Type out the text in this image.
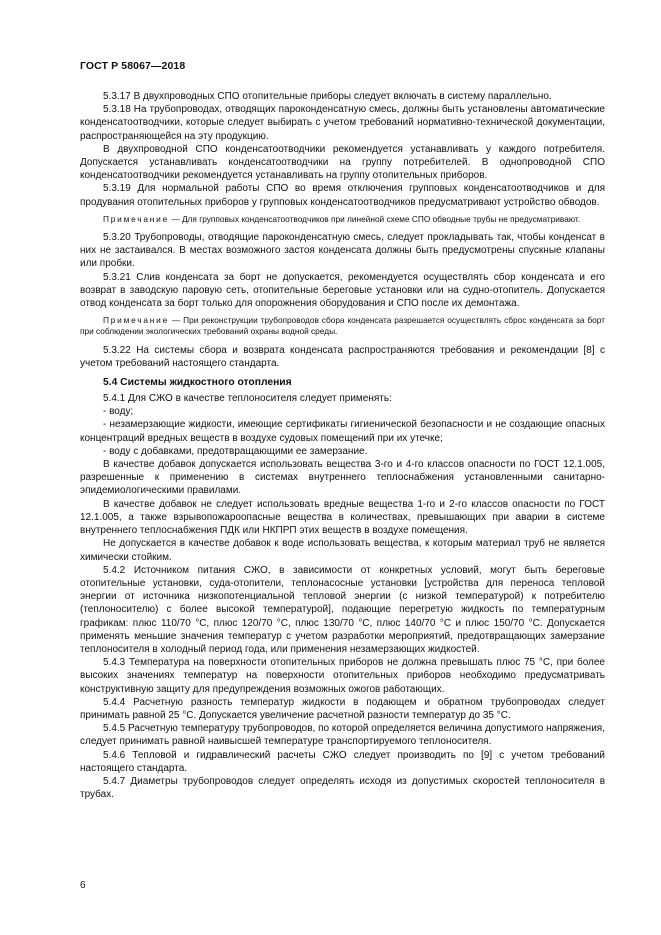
ГОСТ Р 58067—2018

5.3.17 В двухпроводных СПО отопительные приборы следует включать в систему параллельно.

5.3.18 На трубопроводах, отводящих пароконденсатную смесь, должны быть установлены автоматические конденсатоотводчики, которые следует выбирать с учетом требований нормативно-технической документации, распространяющейся на эту продукцию.

В двухпроводной СПО конденсатоотводчики рекомендуется устанавливать у каждого потребителя. Допускается устанавливать конденсатоотводчики на группу потребителей. В однопроводной СПО конденсатоотводчики рекомендуется устанавливать на группу отопительных приборов.

5.3.19 Для нормальной работы СПО во время отключения групповых конденсатоотводчиков и для продувания отопительных приборов у групповых конденсатоотводчиков предусматривают устройство обводов.

Примечание — Для групповых конденсатоотводчиков при линейной схеме СПО обводные трубы не предусматривают.

5.3.20 Трубопроводы, отводящие пароконденсатную смесь, следует прокладывать так, чтобы конденсат в них не застаивался. В местах возможного застоя конденсата должны быть предусмотрены спускные клапаны или пробки.

5.3.21 Слив конденсата за борт не допускается, рекомендуется осуществлять сбор конденсата и его возврат в заводскую паровую сеть, отопительные береговые установки или на судно-отопитель. Допускается отвод конденсата за борт только для опорожнения оборудования и СПО после их демонтажа.

Примечание — При реконструкции трубопроводов сбора конденсата разрешается осуществлять сброс конденсата за борт при соблюдении экологических требований охраны водной среды.

5.3.22 На системы сбора и возврата конденсата распространяются требования и рекомендации [8] с учетом требований настоящего стандарта.

5.4 Системы жидкостного отопления

5.4.1 Для СЖО в качестве теплоносителя следует применять:

- воду;

- незамерзающие жидкости, имеющие сертификаты гигиенической безопасности и не создающие опасных концентраций вредных веществ в воздухе судовых помещений при их утечке;

- воду с добавками, предотвращающими ее замерзание.

В качестве добавок допускается использовать вещества 3-го и 4-го классов опасности по ГОСТ 12.1.005, разрешенные к применению в системах внутреннего теплоснабжения установленными санитарно-эпидемиологическими правилами.

В качестве добавок не следует использовать вредные вещества 1-го и 2-го классов опасности по ГОСТ 12.1.005, а также взрывопожароопасные вещества в количествах, превышающих при аварии в системе внутреннего теплоснабжения ПДК или НКПРП этих веществ в воздухе помещения.

Не допускается в качестве добавок к воде использовать вещества, к которым материал труб не является химически стойким.

5.4.2 Источником питания СЖО, в зависимости от конкретных условий, могут быть береговые отопительные установки, суда-отопители, теплонасосные установки [устройства для переноса тепловой энергии от источника низкопотенциальной тепловой энергии (с низкой температурой) к потребителю (теплоносителю) с более высокой температурой], подающие перегретую жидкость по температурным графикам: плюс 110/70 °С, плюс 120/70 °С, плюс 130/70 °С, плюс 140/70 °С и плюс 150/70 °С. Допускается применять меньшие значения температур с учетом разработки мероприятий, предотвращающих замерзание теплоносителя в холодный период года, или применения незамерзающих жидкостей.

5.4.3 Температура на поверхности отопительных приборов не должна превышать плюс 75 °С, при более высоких значениях температур на поверхности отопительных приборов необходимо предусматривать конструктивную защиту для предупреждения возможных ожогов работающих.

5.4.4 Расчетную разность температур жидкости в подающем и обратном трубопроводах следует принимать равной 25 °С. Допускается увеличение расчетной разности температур до 35 °С.

5.4.5 Расчетную температуру трубопроводов, по которой определяется величина допустимого напряжения, следует принимать равной наивысшей температуре транспортируемого теплоносителя.

5.4.6 Тепловой и гидравлический расчеты СЖО следует производить по [9] с учетом требований настоящего стандарта.

5.4.7 Диаметры трубопроводов следует определять исходя из допустимых скоростей теплоносителя в трубах.

6
